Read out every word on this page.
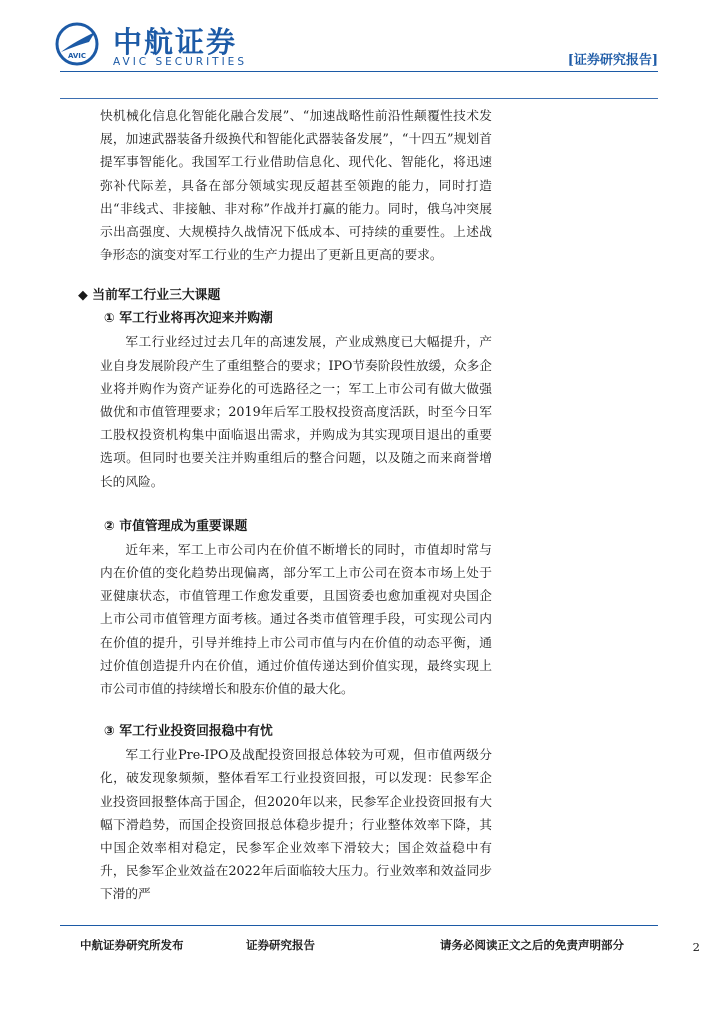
AVIC 中航证券
AVIC SECURITIES	[证券研究报告]

快机械化信息化智能化融合发展”、“加速战略性前沿性颠覆性技术发展，加速武器装备升级换代和智能化武器装备发展”，“十四五”规划首提军事智能化。我国军工行业借助信息化、现代化、智能化，将迅速弥补代际差，具备在部分领域实现反超甚至领跑的能力，同时打造出“非线式、非接触、非对称”作战并打赢的能力。同时，俄乌冲突展示出高强度、大规模持久战情况下低成本、可持续的重要性。上述战争形态的演变对军工行业的生产力提出了更新且更高的要求。

◆ 当前军工行业三大课题

① 军工行业将再次迎来并购潮

军工行业经过过去几年的高速发展，产业成熟度已大幅提升，产业自身发展阶段产生了重组整合的要求；IPO节奏阶段性放缓，众多企业将并购作为资产证券化的可选路径之一；军工上市公司有做大做强做优和市值管理要求；2019年后军工股权投资高度活跃，时至今日军工股权投资机构集中面临退出需求，并购成为其实现项目退出的重要选项。但同时也要关注并购重组后的整合问题，以及随之而来商誉增长的风险。

② 市值管理成为重要课题

近年来，军工上市公司内在价值不断增长的同时，市值却时常与内在价值的变化趋势出现偏离，部分军工上市公司在资本市场上处于亚健康状态，市值管理工作愈发重要，且国资委也愈加重视对央国企上市公司市值管理方面考核。通过各类市值管理手段，可实现公司内在价值的提升，引导并维持上市公司市值与内在价值的动态平衡，通过价值创造提升内在价值，通过价值传递达到价值实现，最终实现上市公司市值的持续增长和股东价值的最大化。

③ 军工行业投资回报稳中有忧

军工行业Pre-IPO及战配投资回报总体较为可观，但市值两级分化，破发现象频频，整体看军工行业投资回报，可以发现：民参军企业投资回报整体高于国企，但2020年以来，民参军企业投资回报有大幅下滑趋势，而国企投资回报总体稳步提升；行业整体效率下降，其中国企效率相对稳定，民参军企业效率下滑较大；国企效益稳中有升，民参军企业效益在2022年后面临较大压力。行业效率和效益同步下滑的严

中航证券研究所发布	证券研究报告	请务必阅读正文之后的免责声明部分	2
